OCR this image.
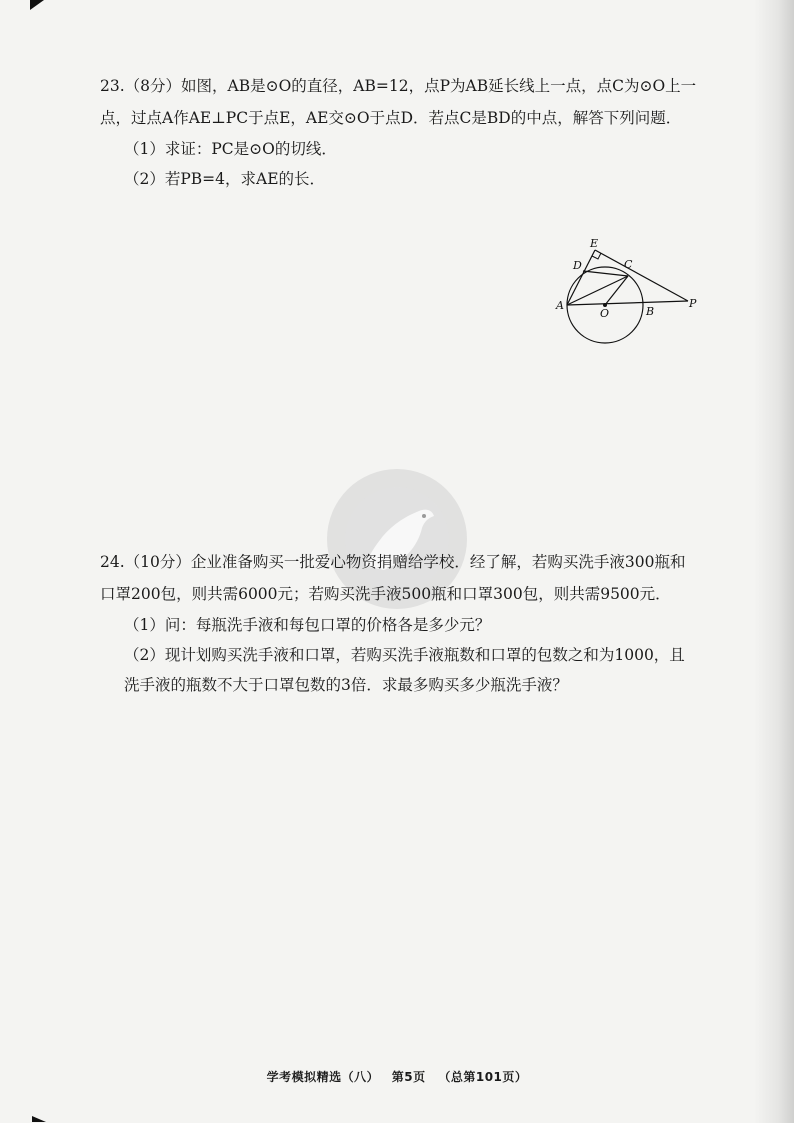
23.（8分）如图，AB是⊙O的直径，AB=12，点P为AB延长线上一点，点C为⊙O上一点，过点A作AE⊥PC于点E，AE交⊙O于点D．若点C是BD的中点，解答下列问题．
（1）求证：PC是⊙O的切线．
（2）若PB=4，求AE的长．
A	B
C
D
E
O
P
24.（10分）企业准备购买一批爱心物资捐赠给学校．经了解，若购买洗手液300瓶和口罩200包，则共需6000元；若购买洗手液500瓶和口罩300包，则共需9500元．
（1）问：每瓶洗手液和每包口罩的价格各是多少元？
（2）现计划购买洗手液和口罩，若购买洗手液瓶数和口罩的包数之和为1000，且洗手液的瓶数不大于口罩包数的3倍．求最多购买多少瓶洗手液？
学考模拟精选（八） 第5页 （总第101页）
